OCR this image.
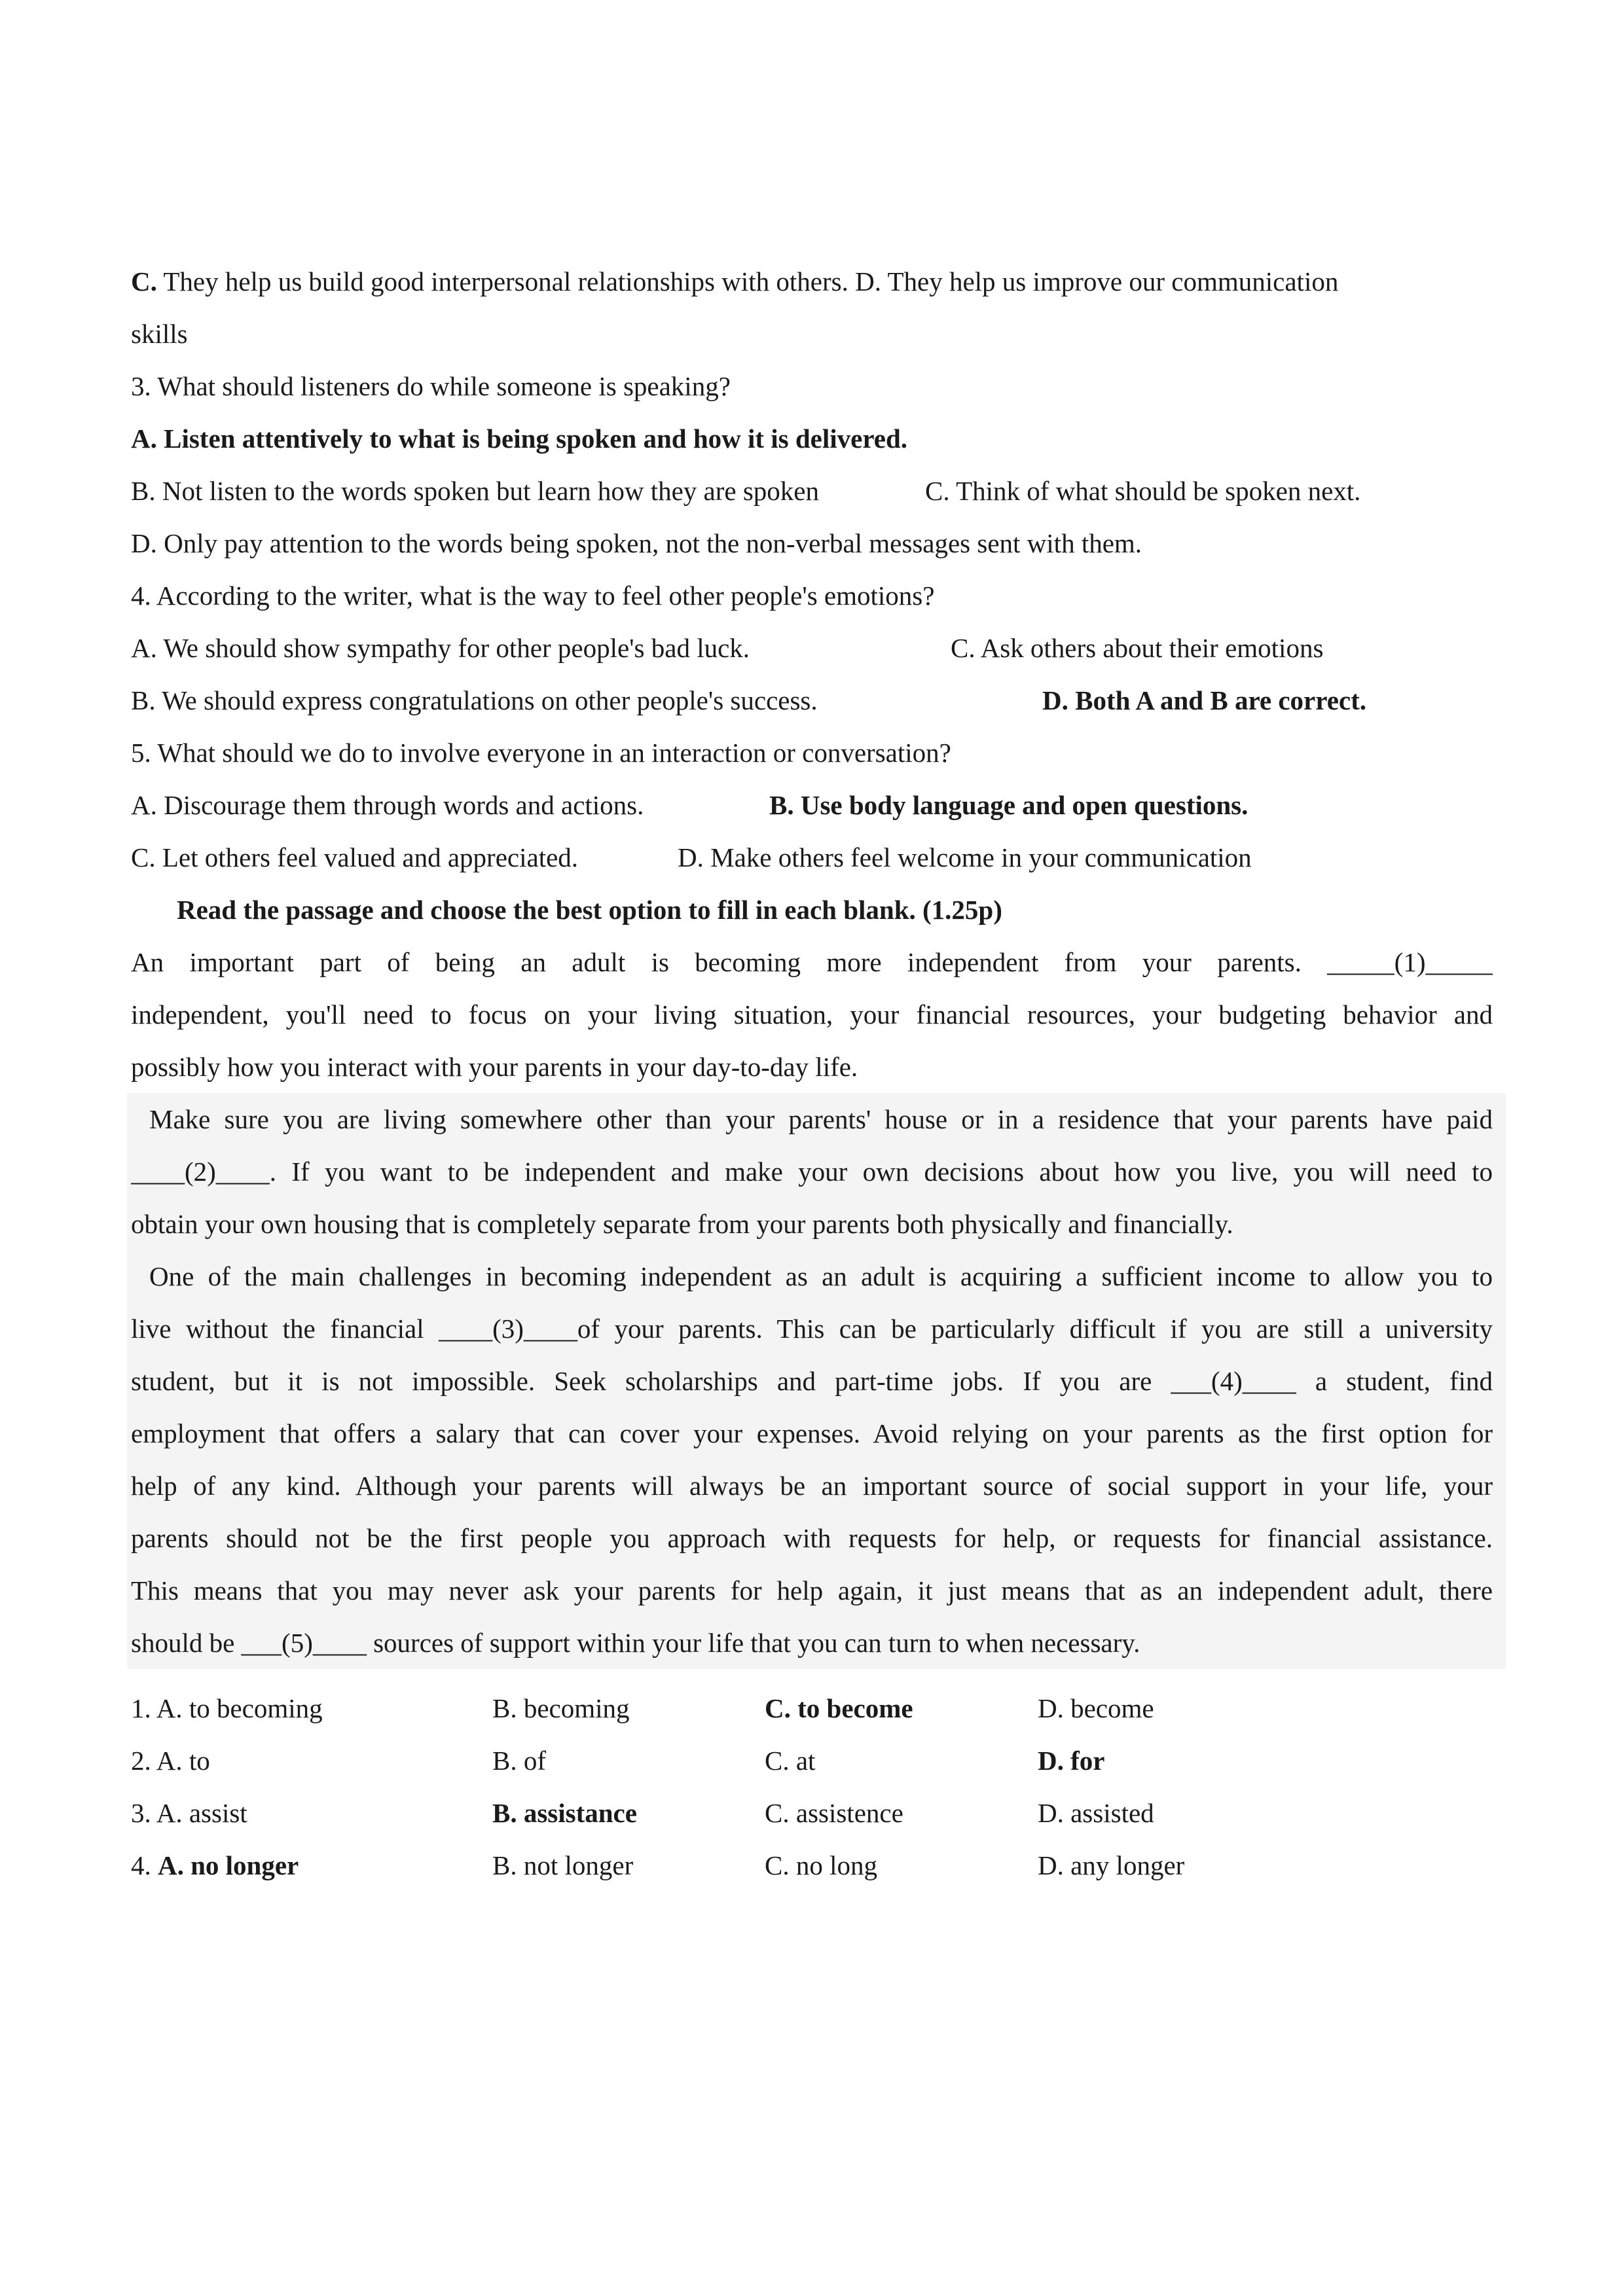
C. They help us build good interpersonal relationships with others. D. They help us improve our communication
skills
3. What should listeners do while someone is speaking?
A. Listen attentively to what is being spoken and how it is delivered.
B. Not listen to the words spoken but learn how they are spoken	C. Think of what should be spoken next.
D. Only pay attention to the words being spoken, not the non-verbal messages sent with them.
4. According to the writer, what is the way to feel other people's emotions?
A. We should show sympathy for other people's bad luck.	C. Ask others about their emotions
B. We should express congratulations on other people's success.	D. Both A and B are correct.
5. What should we do to involve everyone in an interaction or conversation?
A. Discourage them through words and actions.	B. Use body language and open questions.
C. Let others feel valued and appreciated.	D. Make others feel welcome in your communication
Read the passage and choose the best option to fill in each blank. (1.25p)
An important part of being an adult is becoming more independent from your parents. _____(1)_____
independent, you'll need to focus on your living situation, your financial resources, your budgeting behavior and
possibly how you interact with your parents in your day-to-day life.
Make sure you are living somewhere other than your parents' house or in a residence that your parents have paid
____(2)____. If you want to be independent and make your own decisions about how you live, you will need to
obtain your own housing that is completely separate from your parents both physically and financially.
One of the main challenges in becoming independent as an adult is acquiring a sufficient income to allow you to
live without the financial ____(3)____of your parents. This can be particularly difficult if you are still a university
student, but it is not impossible. Seek scholarships and part-time jobs. If you are ___(4)____ a student, find
employment that offers a salary that can cover your expenses. Avoid relying on your parents as the first option for
help of any kind. Although your parents will always be an important source of social support in your life, your
parents should not be the first people you approach with requests for help, or requests for financial assistance.
This means that you may never ask your parents for help again, it just means that as an independent adult, there
should be ___(5)____ sources of support within your life that you can turn to when necessary.
1. A. to becoming	B. becoming	C. to become	D. become
2. A. to	B. of	C. at	D. for
3. A. assist	B. assistance	C. assistence	D. assisted
4. A. no longer	B. not longer	C. no long	D. any longer
